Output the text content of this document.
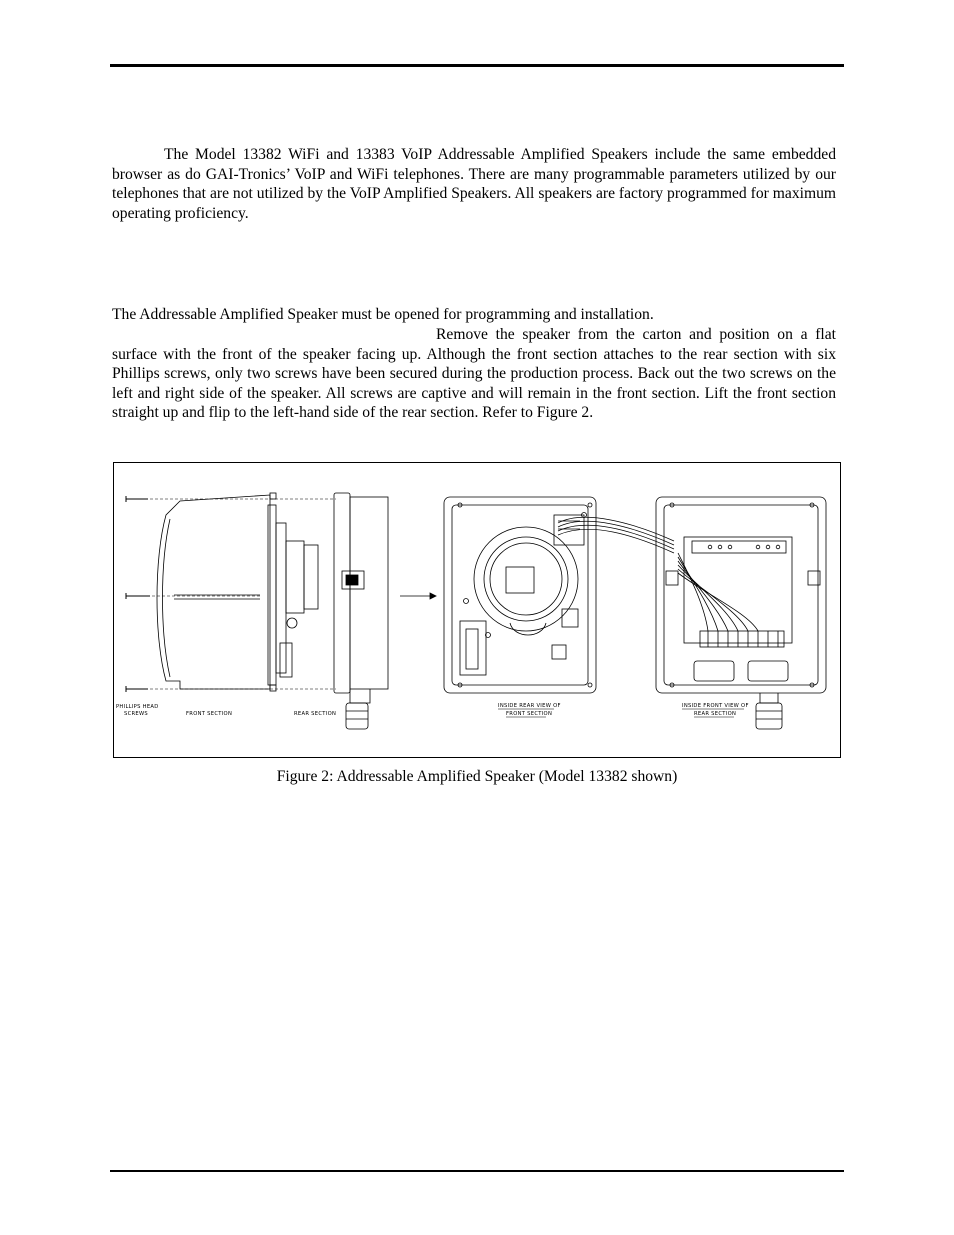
The Model 13382 WiFi and 13383 VoIP Addressable Amplified Speakers include the same embedded browser as do GAI-Tronics’ VoIP and WiFi telephones. There are many programmable parameters utilized by our telephones that are not utilized by the VoIP Amplified Speakers. All speakers are factory programmed for maximum operating proficiency.

The Addressable Amplified Speaker must be opened for programming and installation.

Remove the speaker from the carton and position on a flat surface with the front of the speaker facing up. Although the front section attaches to the rear section with six Phillips screws, only two screws have been secured during the production process. Back out the two screws on the left and right side of the speaker. All screws are captive and will remain in the front section. Lift the front section straight up and flip to the left-hand side of the rear section. Refer to Figure 2.

PHILLIPS HEAD
SCREWS	FRONT SECTION	REAR SECTION
INSIDE REAR VIEW OF
FRONT SECTION
INSIDE FRONT VIEW OF
REAR SECTION
Figure 2: Addressable Amplified Speaker (Model 13382 shown)
